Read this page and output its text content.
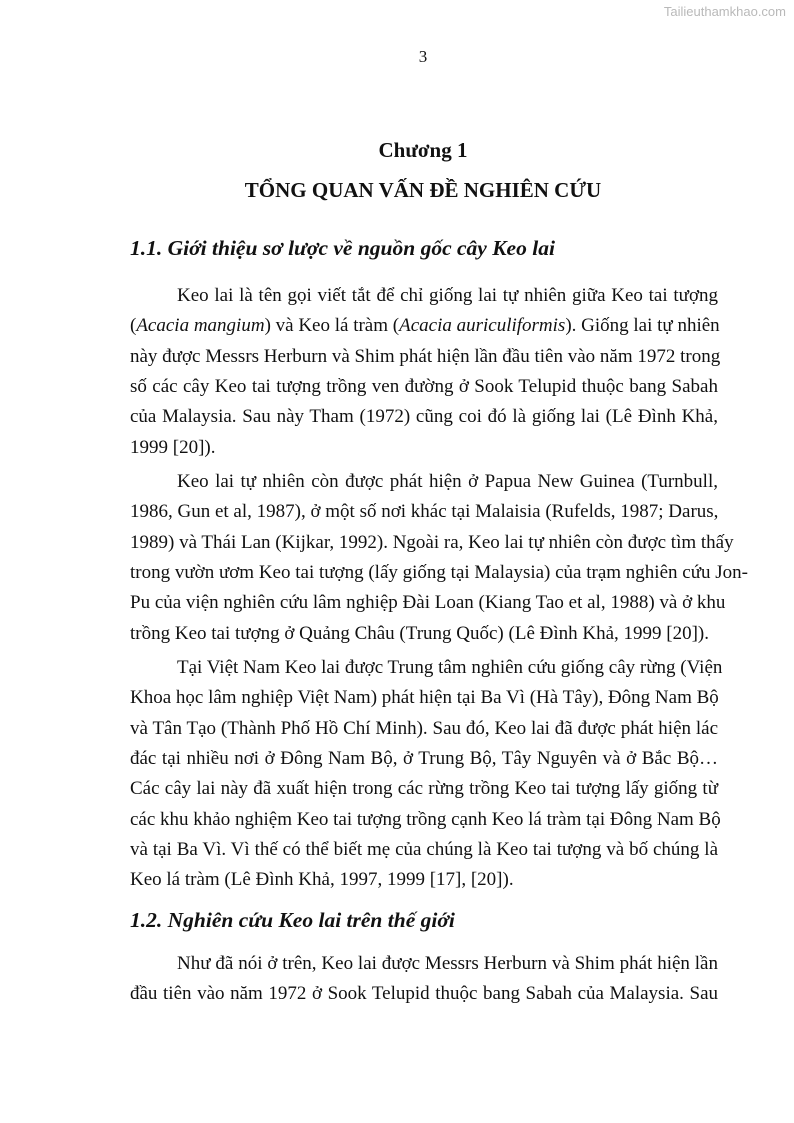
Tailieuthamkhao.com
3
Chương 1
TỔNG QUAN VẤN ĐỀ NGHIÊN CỨU
1.1. Giới thiệu sơ lược về nguồn gốc cây Keo lai
Keo lai là tên gọi viết tắt để chỉ giống lai tự nhiên giữa Keo tai tượng
(Acacia mangium) và Keo lá tràm (Acacia auriculiformis). Giống lai tự nhiên
này được Messrs Herburn và Shim phát hiện lần đầu tiên vào năm 1972 trong
số các cây Keo tai tượng trồng ven đường ở Sook Telupid thuộc bang Sabah
của Malaysia. Sau này Tham (1972) cũng coi đó là giống lai (Lê Đình Khả,
1999 [20]).
Keo lai tự nhiên còn được phát hiện ở Papua New Guinea (Turnbull,
1986, Gun et al, 1987), ở một số nơi khác tại Malaisia (Rufelds, 1987; Darus,
1989) và Thái Lan (Kijkar, 1992). Ngoài ra, Keo lai tự nhiên còn được tìm thấy
trong vườn ươm Keo tai tượng (lấy giống tại Malaysia) của trạm nghiên cứu Jon-
Pu của viện nghiên cứu lâm nghiệp Đài Loan (Kiang Tao et al, 1988) và ở khu
trồng Keo tai tượng ở Quảng Châu (Trung Quốc) (Lê Đình Khả, 1999 [20]).
Tại Việt Nam Keo lai được Trung tâm nghiên cứu giống cây rừng (Viện
Khoa học lâm nghiệp Việt Nam) phát hiện tại Ba Vì (Hà Tây), Đông Nam Bộ
và Tân Tạo (Thành Phố Hồ Chí Minh). Sau đó, Keo lai đã được phát hiện lác
đác tại nhiều nơi ở Đông Nam Bộ, ở Trung Bộ, Tây Nguyên và ở Bắc Bộ…
Các cây lai này đã xuất hiện trong các rừng trồng Keo tai tượng lấy giống từ
các khu khảo nghiệm Keo tai tượng trồng cạnh Keo lá tràm tại Đông Nam Bộ
và tại Ba Vì. Vì thế có thể biết mẹ của chúng là Keo tai tượng và bố chúng là
Keo lá tràm (Lê Đình Khả, 1997, 1999 [17], [20]).
1.2. Nghiên cứu Keo lai trên thế giới
Như đã nói ở trên, Keo lai được Messrs Herburn và Shim phát hiện lần
đầu tiên vào năm 1972 ở Sook Telupid thuộc bang Sabah của Malaysia. Sau
